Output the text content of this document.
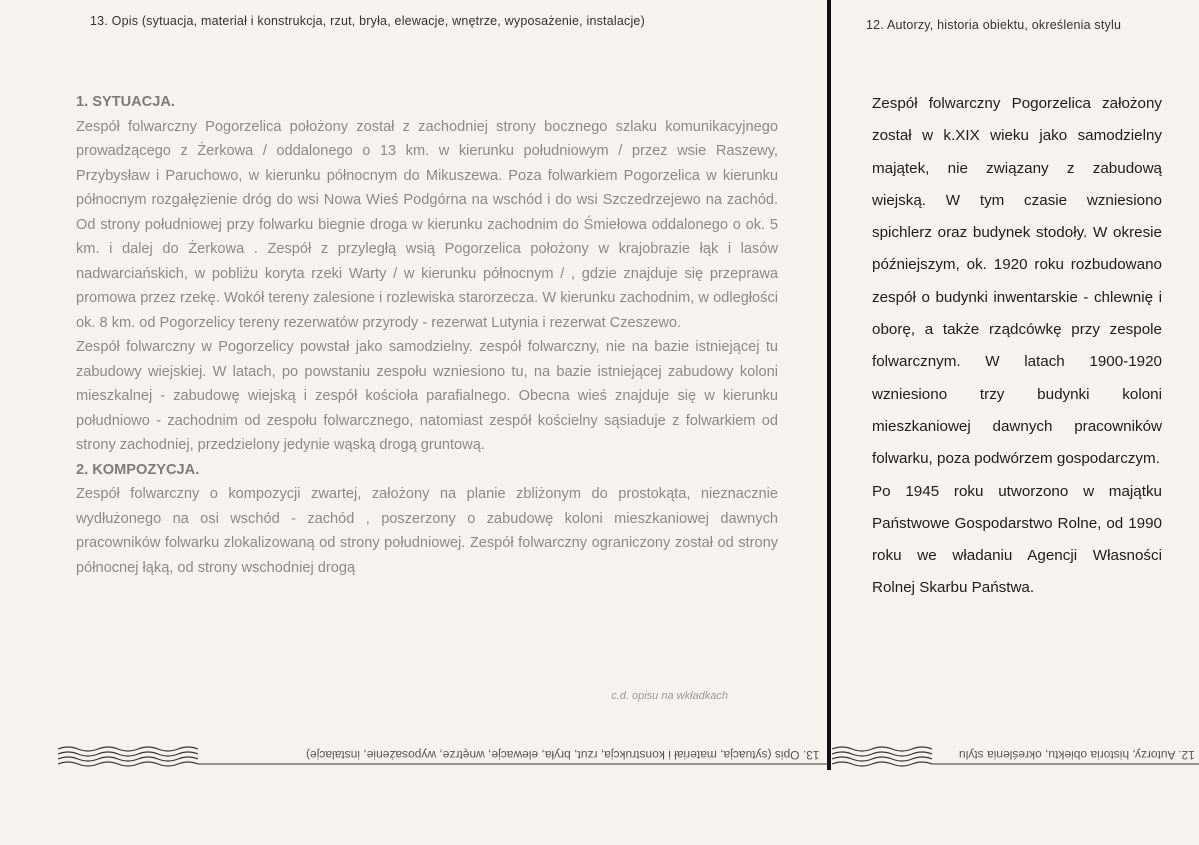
13. Opis (sytuacja, materiał i konstrukcja, rzut, bryła, elewacje, wnętrze, wyposażenie, instalacje)
1. SYTUACJA.

Zespół folwarczny Pogorzelica położony został z zachodniej strony bocznego szlaku komunikacyjnego prowadzącego z Żerkowa / oddalonego o 13 km. w kierunku południowym / przez wsie Raszewy, Przybysław i Paruchowo, w kierunku północnym do Mikuszewa. Poza folwarkiem Pogorzelica w kierunku północnym rozgałęzienie dróg do wsi Nowa Wieś Podgórna na wschód i do wsi Szczedrzejewo na zachód. Od strony południowej przy folwarku biegnie droga w kierunku zachodnim do Śmiełowa oddalonego o ok. 5 km. i dalej do Żerkowa . Zespół z przyległą wsią Pogorzelica położony w krajobrazie łąk i lasów nadwarciańskich, w pobliżu koryta rzeki Warty / w kierunku północnym / , gdzie znajduje się przeprawa promowa przez rzekę. Wokół tereny zalesione i rozlewiska starorzecza. W kierunku zachodnim, w odległości ok. 8 km. od Pogorzelicy tereny rezerwatów przyrody - rezerwat Lutynia i rezerwat Czeszewo.

Zespół folwarczny w Pogorzelicy powstał jako samodzielny. zespół folwarczny, nie na bazie istniejącej tu zabudowy wiejskiej. W latach, po powstaniu zespołu wzniesiono tu, na bazie istniejącej zabudowy koloni mieszkalnej - zabudowę wiejską i zespół kościoła parafialnego. Obecna wieś znajduje się w kierunku południowo - zachodnim od zespołu folwarcznego, natomiast zespół kościelny sąsiaduje z folwarkiem od strony zachodniej, przedzielony jedynie wąską drogą gruntową.

2. KOMPOZYCJA.

Zespół folwarczny o kompozycji zwartej, założony na planie zbliżonym do prostokąta, nieznacznie wydłużonego na osi wschód - zachód , poszerzony o zabudowę koloni mieszkaniowej dawnych pracowników folwarku zlokalizowaną od strony południowej. Zespół folwarczny ograniczony został od strony północnej łąką, od strony wschodniej drogą

c.d. opisu na wkładkach
12. Autorzy, historia obiektu, określenia stylu

Zespół folwarczny Pogorzelica założony został w k.XIX wieku jako samodzielny majątek, nie związany z zabudową wiejską. W tym czasie wzniesiono spichlerz oraz budynek stodoły. W okresie późniejszym, ok. 1920 roku rozbudowano zespół o budynki inwentarskie - chlewnię i oborę, a także rządcówkę przy zespole folwarcznym. W latach 1900-1920 wzniesiono trzy budynki koloni mieszkaniowej dawnych pracowników folwarku, poza podwórzem gospodarczym.

Po 1945 roku utworzono w majątku Państwowe Gospodarstwo Rolne, od 1990 roku we władaniu Agencji Własności Rolnej Skarbu Państwa.

13. Opis (sytuacja, materiał i konstrukcja, rzut, bryła, elewacje, wnętrze, wyposażenie, instalacje)	12. Autorzy, historia obiektu, określenia stylu
